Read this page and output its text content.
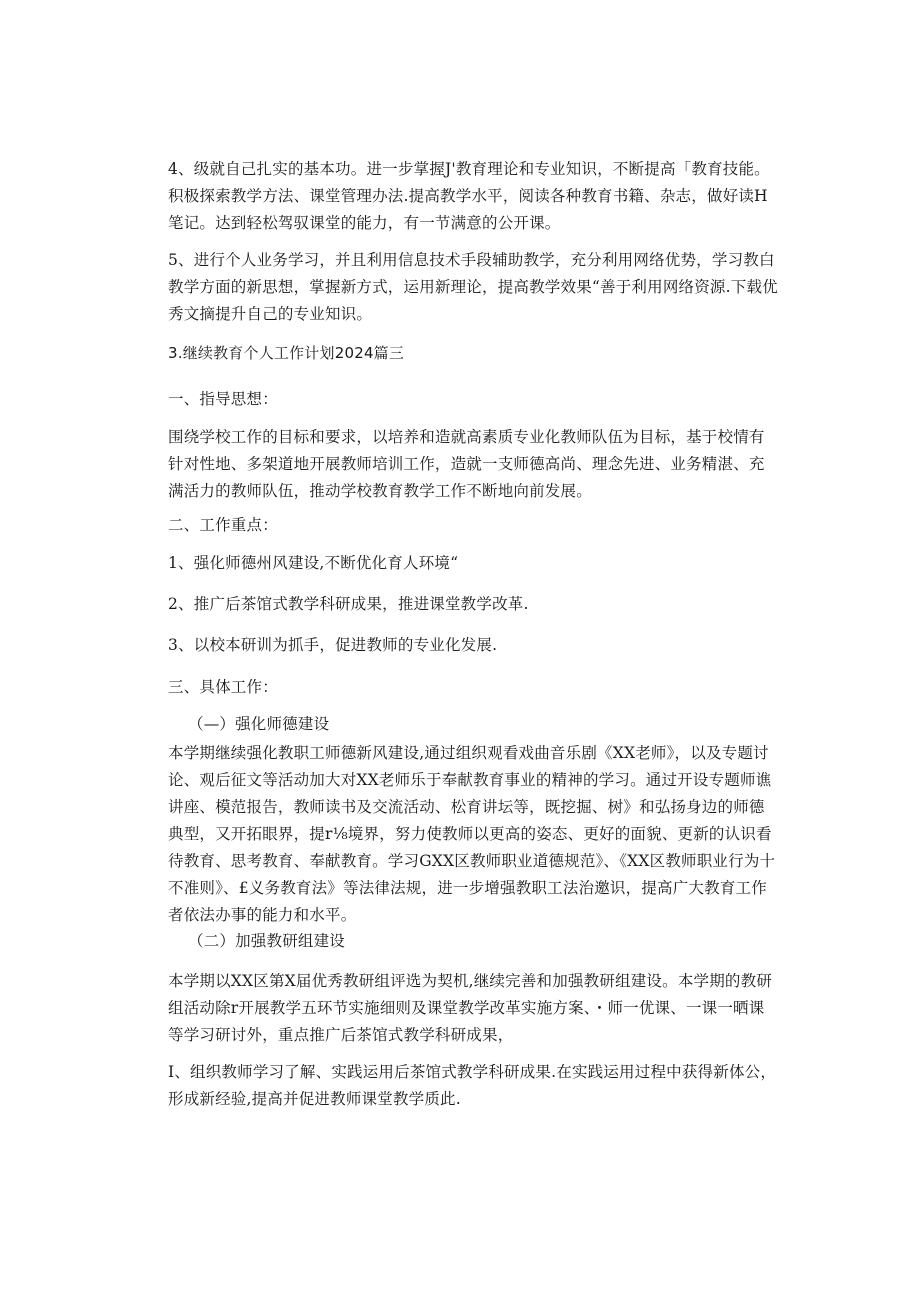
4、级就自己扎实的基本功。进一步掌握J'教育理论和专业知识，不断提高「教育技能。积极探索教学方法、课堂管理办法.提高教学水平，阅读各种教育书籍、杂志，做好读H笔记。达到轻松驾驭课堂的能力，有一节满意的公开课。

5、进行个人业务学习，并且利用信息技术手段辅助教学，充分利用网络优势，学习教白教学方面的新思想，掌握新方式，运用新理论，提高教学效果“善于利用网络资源.下载优秀文摘提升自己的专业知识。

3.继续教育个人工作计划2024篇三

一、指导思想：

围绕学校工作的目标和要求，以培养和造就高素质专业化教师队伍为目标，基于校情有针对性地、多架道地开展教师培训工作，造就一支师德高尚、理念先进、业务精湛、充满活力的教师队伍，推动学校教育教学工作不断地向前发展。

二、工作重点：

1、强化师德州风建设,不断优化育人环境“

2、推广后茶馆式教学科研成果，推进课堂教学改革.

3、以校本研训为抓手，促进教师的专业化发展.

三、具体工作：

（—）强化师德建设

本学期继续强化教职工师德新风建设,通过组织观看戏曲音乐剧《XX老师》，以及专题讨论、观后征文等活动加大对XX老师乐于奉献教育事业的精神的学习。通过开设专题师谯讲座、模范报告，教师读书及交流活动、松育讲坛等，既挖掘、树》和弘扬身边的师德典型，又开拓眼界，提r⅛境界，努力使教师以更高的姿态、更好的面貌、更新的认识看待教育、思考教育、奉献教育。学习GXX区教师职业道德规范》、《XX区教师职业行为十不准则》、£义务教育法》等法律法规，进一步增强教职工法治邀识，提高广大教育工作者依法办事的能力和水平。

（二）加强教研组建设

本学期以XX区第X届优秀教研组评选为契机,继续完善和加强教研组建设。本学期的教研组活动除r开展教学五环节实施细则及课堂教学改革实施方案、・师一优课、一课一晒课等学习研讨外，重点推广后茶馆式教学科研成果，

I、组织教师学习了解、实践运用后茶馆式教学科研成果.在实践运用过程中获得新体公，形成新经验,提高并促进教师课堂教学质此.
